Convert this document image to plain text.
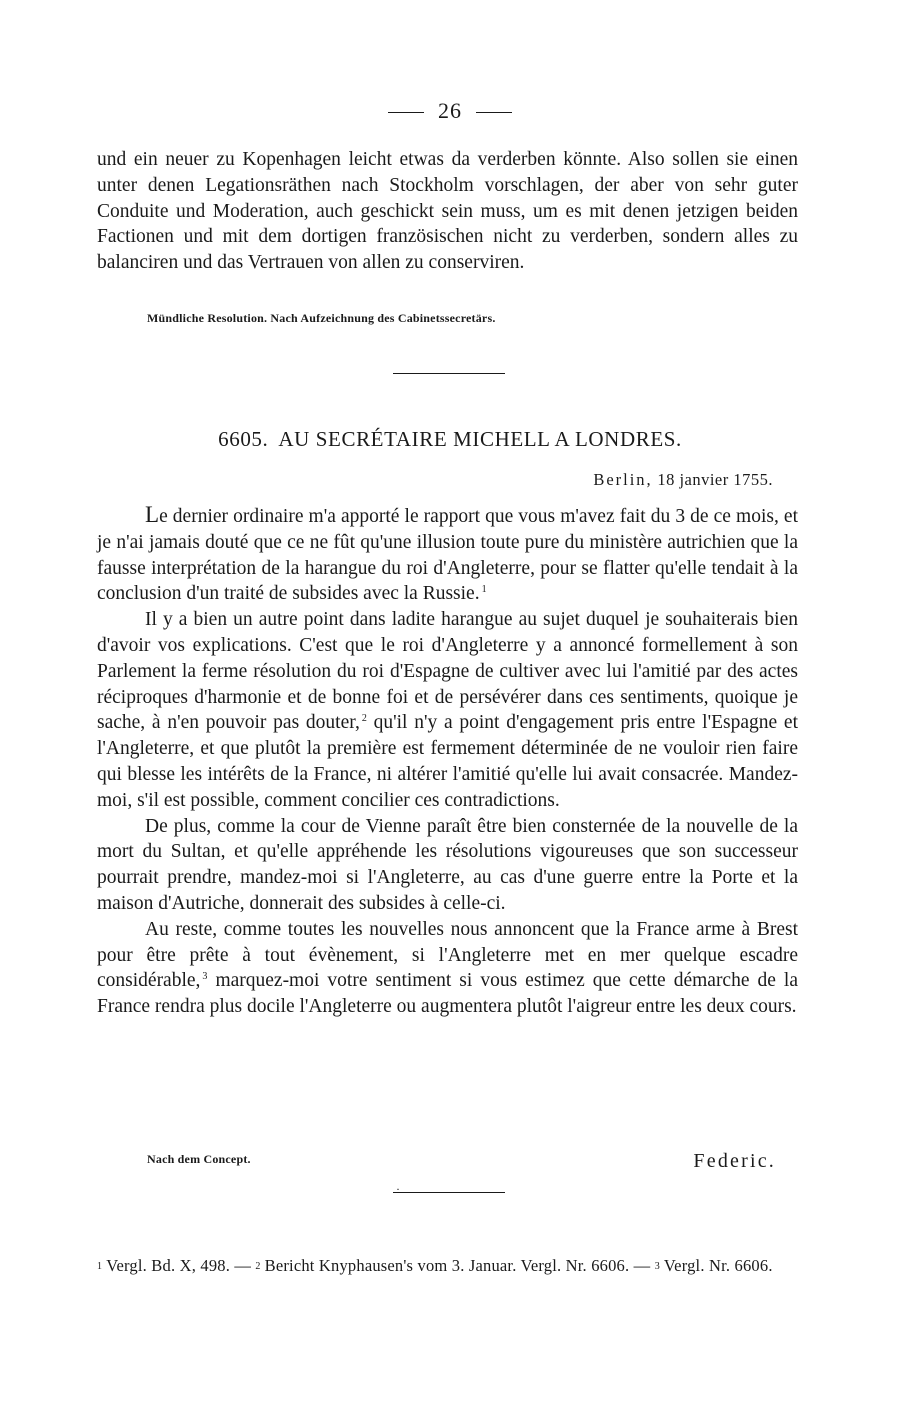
26

und ein neuer zu Kopenhagen leicht etwas da verderben könnte. Also sollen sie einen unter denen Legationsräthen nach Stockholm vorschlagen, der aber von sehr guter Conduite und Moderation, auch geschickt sein muss, um es mit denen jetzigen beiden Factionen und mit dem dortigen französischen nicht zu verderben, sondern alles zu balanciren und das Vertrauen von allen zu conserviren.

Mündliche Resolution. Nach Aufzeichnung des Cabinetssecretärs.
6605. AU SECRÉTAIRE MICHELL A LONDRES.
Berlin, 18 janvier 1755.

Le dernier ordinaire m'a apporté le rapport que vous m'avez fait du 3 de ce mois, et je n'ai jamais douté que ce ne fût qu'une illusion toute pure du ministère autrichien que la fausse interprétation de la harangue du roi d'Angleterre, pour se flatter qu'elle tendait à la conclusion d'un traité de subsides avec la Russie. $^1$

Il y a bien un autre point dans ladite harangue au sujet duquel je souhaiterais bien d'avoir vos explications. C'est que le roi d'Angleterre y a annoncé formellement à son Parlement la ferme résolution du roi d'Espagne de cultiver avec lui l'amitié par des actes réciproques d'harmonie et de bonne foi et de persévérer dans ces sentiments, quoique je sache, à n'en pouvoir pas douter, $^2$ qu'il n'y a point d'engagement pris entre l'Espagne et l'Angleterre, et que plutôt la première est fermement déterminée de ne vouloir rien faire qui blesse les intérêts de la France, ni altérer l'amitié qu'elle lui avait consacrée. Mandez-moi, s'il est possible, comment concilier ces contradictions.

De plus, comme la cour de Vienne paraît être bien consternée de la nouvelle de la mort du Sultan, et qu'elle appréhende les résolutions vigoureuses que son successeur pourrait prendre, mandez-moi si l'Angleterre, au cas d'une guerre entre la Porte et la maison d'Autriche, donnerait des subsides à celle-ci.

Au reste, comme toutes les nouvelles nous annoncent que la France arme à Brest pour être prête à tout évènement, si l'Angleterre met en mer quelque escadre considérable, $^3$ marquez-moi votre sentiment si vous estimez que cette démarche de la France rendra plus docile l'Angleterre ou augmentera plutôt l'aigreur entre les deux cours.

Nach dem Concept.	Federic.
·
1 Vergl. Bd. X, 498. — 2 Bericht Knyphausen's vom 3. Januar. Vergl. Nr. 6606. — 3 Vergl. Nr. 6606.
